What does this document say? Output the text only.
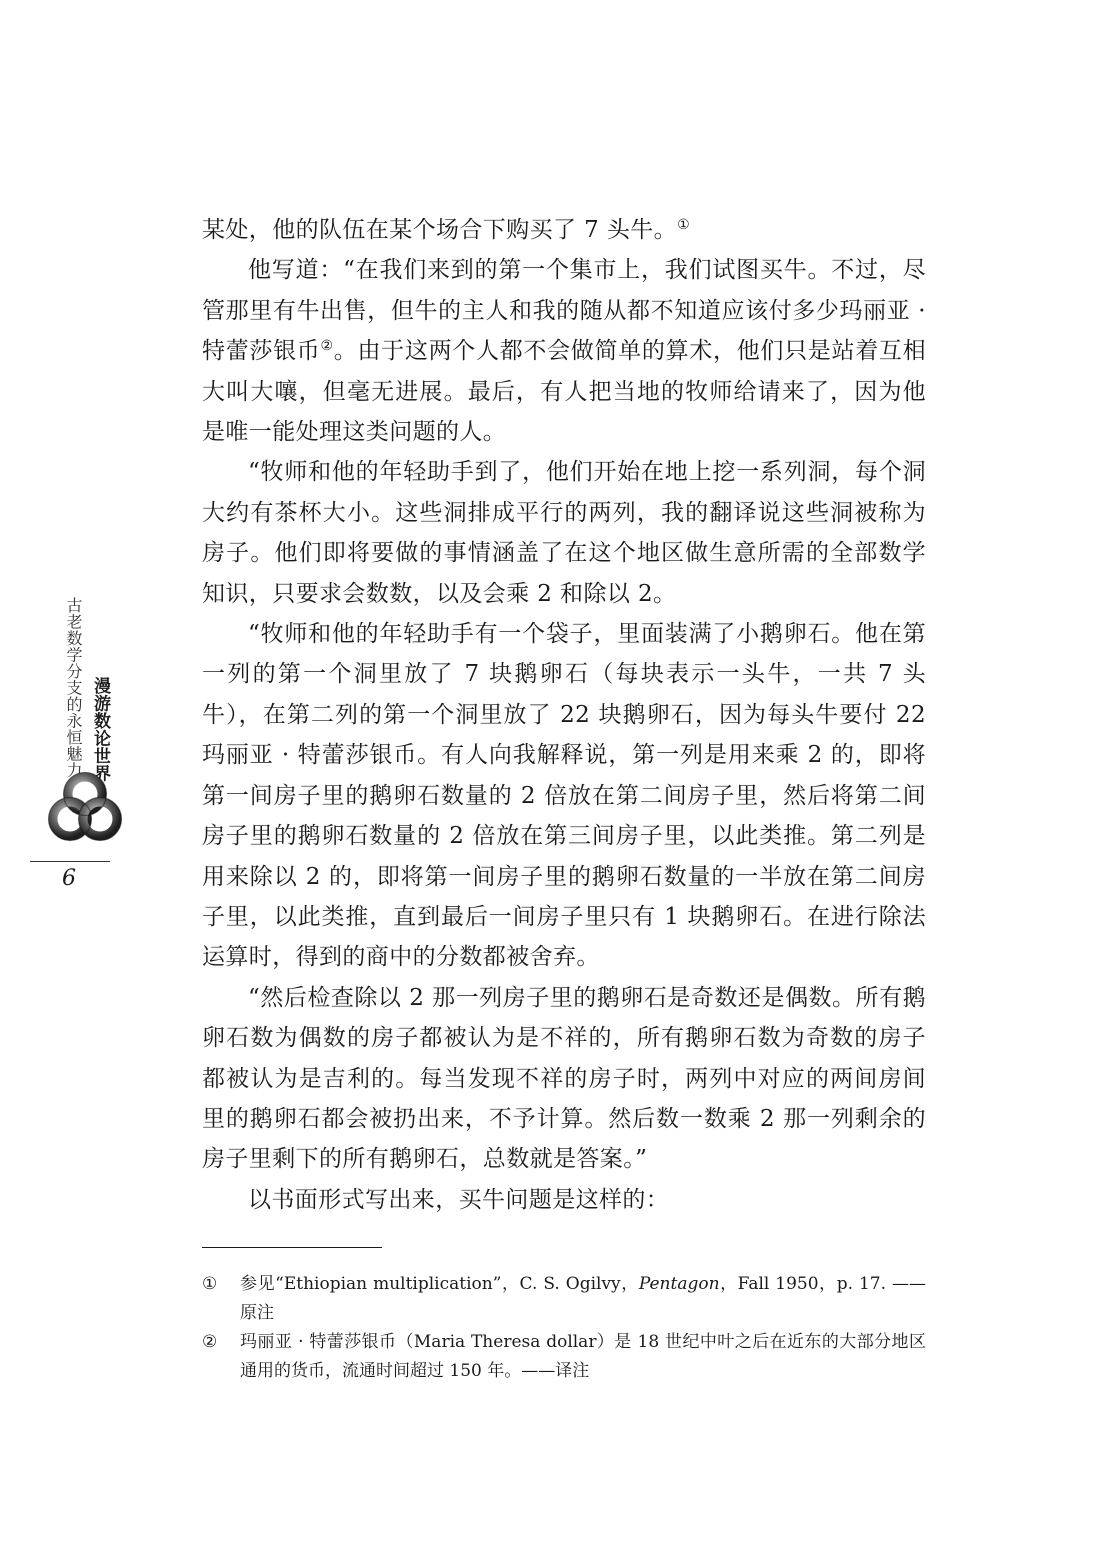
古老数学分支的永恒魅力 漫游数论世界
6

某处，他的队伍在某个场合下购买了 7 头牛。①

他写道：“在我们来到的第一个集市上，我们试图买牛。不过，尽管那里有牛出售，但牛的主人和我的随从都不知道应该付多少玛丽亚 · 特蕾莎银币②。由于这两个人都不会做简单的算术，他们只是站着互相大叫大嚷，但毫无进展。最后，有人把当地的牧师给请来了，因为他是唯一能处理这类问题的人。

“牧师和他的年轻助手到了，他们开始在地上挖一系列洞，每个洞大约有茶杯大小。这些洞排成平行的两列，我的翻译说这些洞被称为房子。他们即将要做的事情涵盖了在这个地区做生意所需的全部数学知识，只要求会数数，以及会乘 2 和除以 2。

“牧师和他的年轻助手有一个袋子，里面装满了小鹅卵石。他在第一列的第一个洞里放了 7 块鹅卵石（每块表示一头牛，一共 7 头牛），在第二列的第一个洞里放了 22 块鹅卵石，因为每头牛要付 22 玛丽亚 · 特蕾莎银币。有人向我解释说，第一列是用来乘 2 的，即将第一间房子里的鹅卵石数量的 2 倍放在第二间房子里，然后将第二间房子里的鹅卵石数量的 2 倍放在第三间房子里，以此类推。第二列是用来除以 2 的，即将第一间房子里的鹅卵石数量的一半放在第二间房子里，以此类推，直到最后一间房子里只有 1 块鹅卵石。在进行除法运算时，得到的商中的分数都被舍弃。

“然后检查除以 2 那一列房子里的鹅卵石是奇数还是偶数。所有鹅卵石数为偶数的房子都被认为是不祥的，所有鹅卵石数为奇数的房子都被认为是吉利的。每当发现不祥的房子时，两列中对应的两间房间里的鹅卵石都会被扔出来，不予计算。然后数一数乘 2 那一列剩余的房子里剩下的所有鹅卵石，总数就是答案。”

以书面形式写出来，买牛问题是这样的：

①	参见“Ethiopian multiplication”，C. S. Ogilvy，Pentagon，Fall 1950，p. 17. ——原注
②	玛丽亚 · 特蕾莎银币（Maria Theresa dollar）是 18 世纪中叶之后在近东的大部分地区通用的货币，流通时间超过 150 年。——译注
